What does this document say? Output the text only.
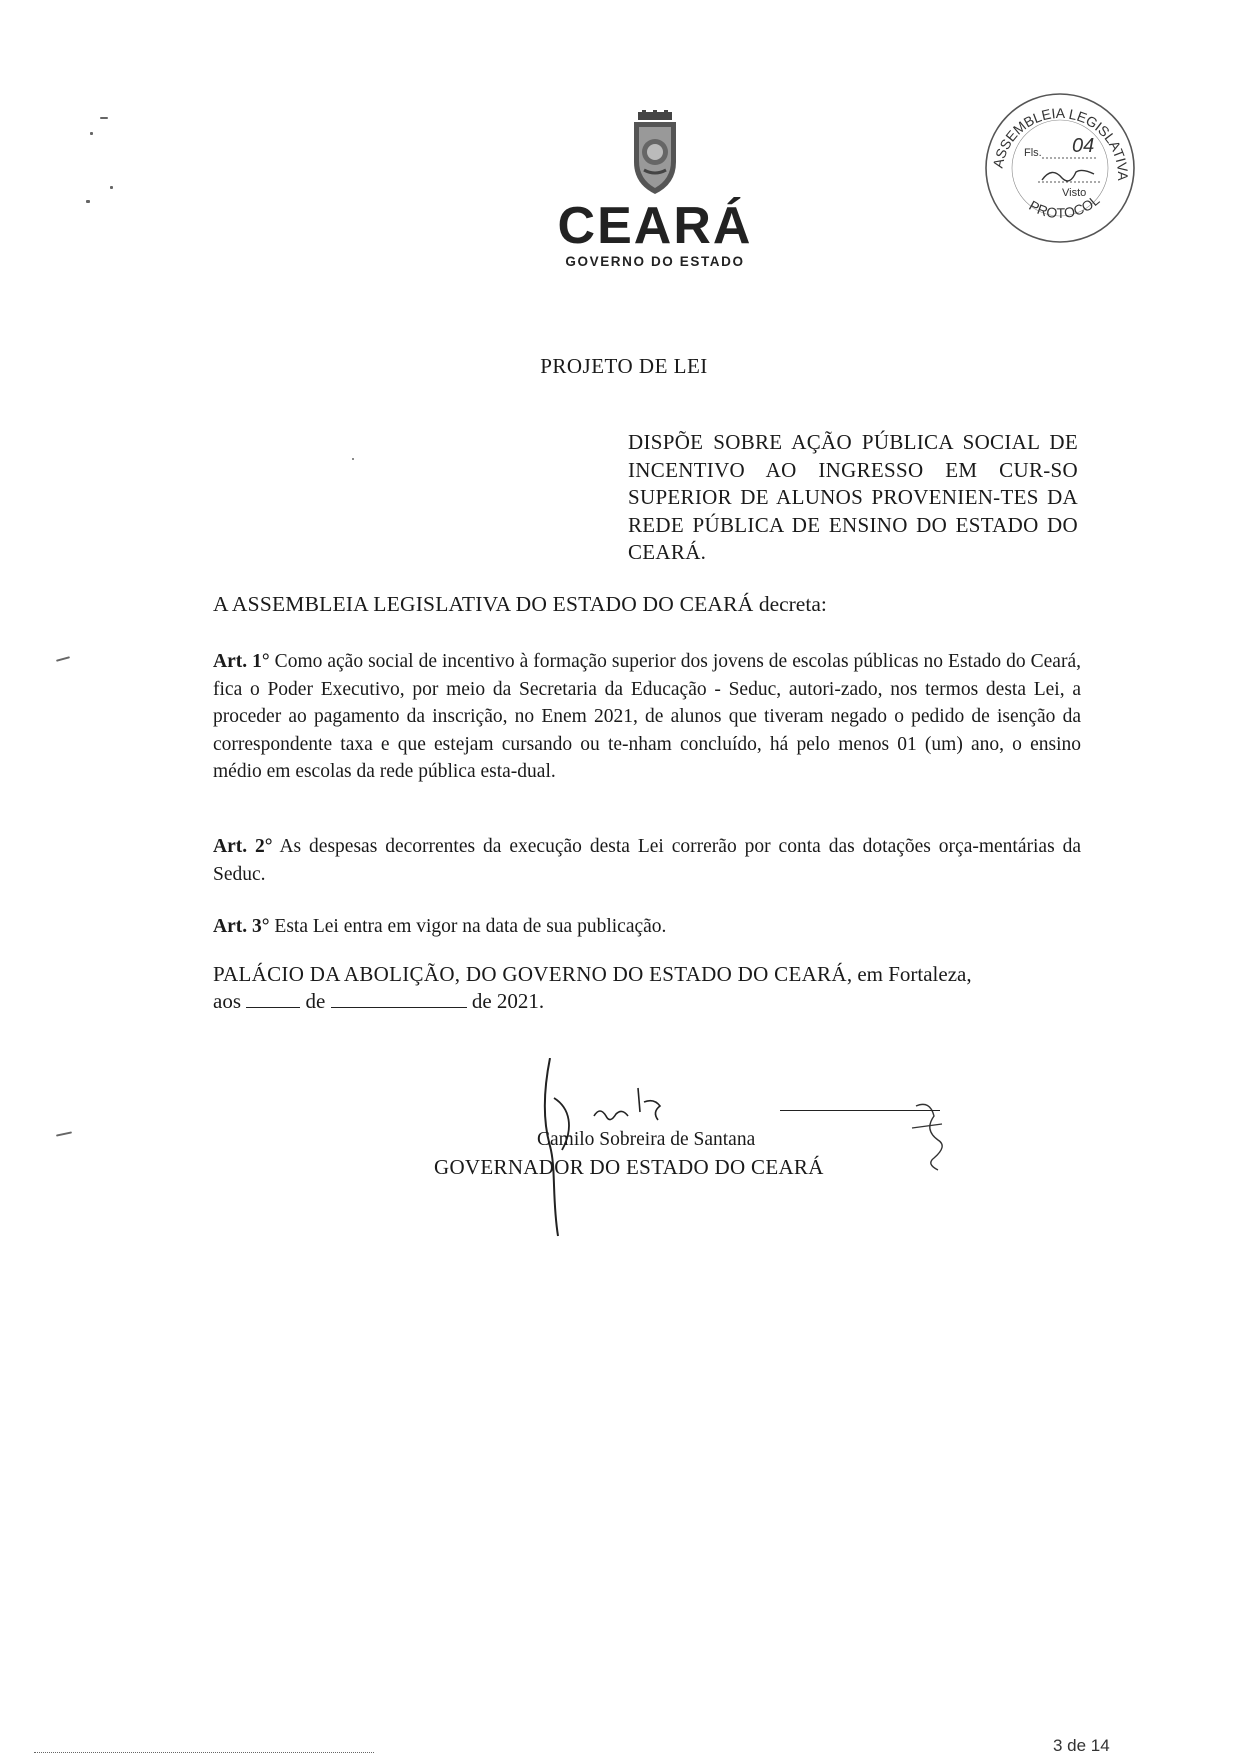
CEARÁ
GOVERNO DO ESTADO
ASSEMBLEIA LEGISLATIVA
PROTOCOL
Fls. 04
Visto
PROJETO DE LEI
DISPÕE SOBRE AÇÃO PÚBLICA SOCIAL DE INCENTIVO AO INGRESSO EM CUR-SO SUPERIOR DE ALUNOS PROVENIEN-TES DA REDE PÚBLICA DE ENSINO DO ESTADO DO CEARÁ.
A ASSEMBLEIA LEGISLATIVA DO ESTADO DO CEARÁ decreta:
Art. 1° Como ação social de incentivo à formação superior dos jovens de escolas públicas no Estado do Ceará, fica o Poder Executivo, por meio da Secretaria da Educação - Seduc, autori-zado, nos termos desta Lei, a proceder ao pagamento da inscrição, no Enem 2021, de alunos que tiveram negado o pedido de isenção da correspondente taxa e que estejam cursando ou te-nham concluído, há pelo menos 01 (um) ano, o ensino médio em escolas da rede pública esta-dual.
Art. 2° As despesas decorrentes da execução desta Lei correrão por conta das dotações orça-mentárias da Seduc.
Art. 3° Esta Lei entra em vigor na data de sua publicação.
PALÁCIO DA ABOLIÇÃO, DO GOVERNO DO ESTADO DO CEARÁ, em Fortaleza,
aos	de	de 2021.
Camilo Sobreira de Santana
GOVERNADOR DO ESTADO DO CEARÁ
3 de 14
